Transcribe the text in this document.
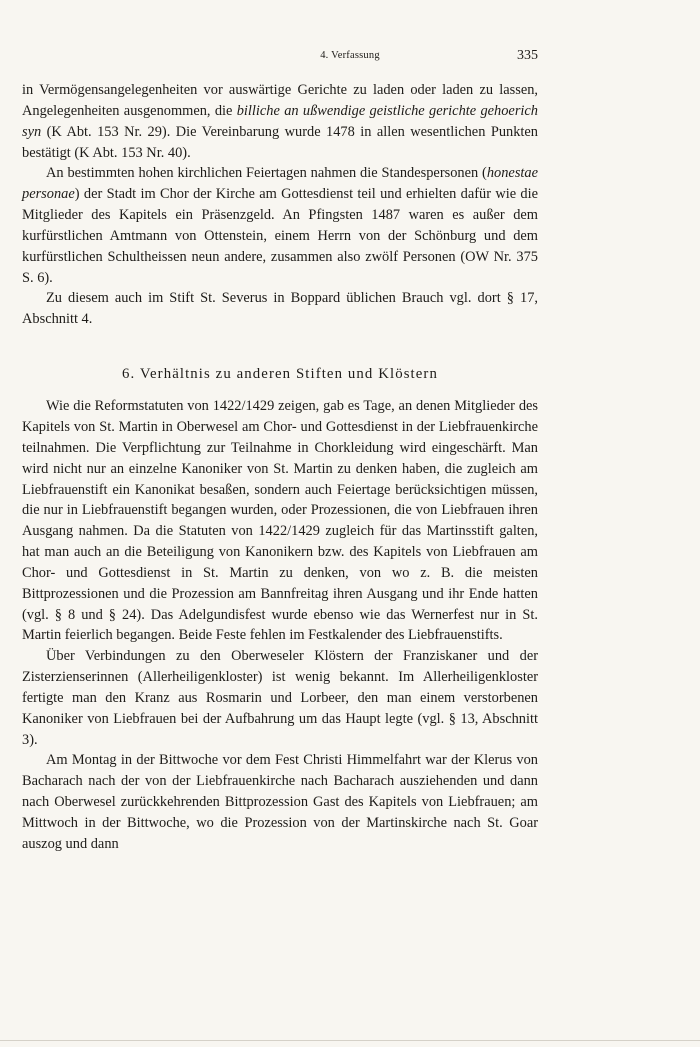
4. Verfassung	335

in Vermögensangelegenheiten vor auswärtige Gerichte zu laden oder laden zu lassen, Angelegenheiten ausgenommen, die billiche an ußwendige geistliche gerichte gehoerich syn (K Abt. 153 Nr. 29). Die Vereinbarung wurde 1478 in allen wesentlichen Punkten bestätigt (K Abt. 153 Nr. 40).

An bestimmten hohen kirchlichen Feiertagen nahmen die Standespersonen (honestae personae) der Stadt im Chor der Kirche am Gottesdienst teil und erhielten dafür wie die Mitglieder des Kapitels ein Präsenzgeld. An Pfingsten 1487 waren es außer dem kurfürstlichen Amtmann von Ottenstein, einem Herrn von der Schönburg und dem kurfürstlichen Schultheissen neun andere, zusammen also zwölf Personen (OW Nr. 375 S. 6).

Zu diesem auch im Stift St. Severus in Boppard üblichen Brauch vgl. dort § 17, Abschnitt 4.

6. Verhältnis zu anderen Stiften und Klöstern

Wie die Reformstatuten von 1422/1429 zeigen, gab es Tage, an denen Mitglieder des Kapitels von St. Martin in Oberwesel am Chor- und Gottesdienst in der Liebfrauenkirche teilnahmen. Die Verpflichtung zur Teilnahme in Chorkleidung wird eingeschärft. Man wird nicht nur an einzelne Kanoniker von St. Martin zu denken haben, die zugleich am Liebfrauenstift ein Kanonikat besaßen, sondern auch Feiertage berücksichtigen müssen, die nur in Liebfrauenstift begangen wurden, oder Prozessionen, die von Liebfrauen ihren Ausgang nahmen. Da die Statuten von 1422/1429 zugleich für das Martinsstift galten, hat man auch an die Beteiligung von Kanonikern bzw. des Kapitels von Liebfrauen am Chor- und Gottesdienst in St. Martin zu denken, von wo z. B. die meisten Bittprozessionen und die Prozession am Bannfreitag ihren Ausgang und ihr Ende hatten (vgl. § 8 und § 24). Das Adelgundisfest wurde ebenso wie das Wernerfest nur in St. Martin feierlich begangen. Beide Feste fehlen im Festkalender des Liebfrauenstifts.

Über Verbindungen zu den Oberweseler Klöstern der Franziskaner und der Zisterzienserinnen (Allerheiligenkloster) ist wenig bekannt. Im Allerheiligenkloster fertigte man den Kranz aus Rosmarin und Lorbeer, den man einem verstorbenen Kanoniker von Liebfrauen bei der Aufbahrung um das Haupt legte (vgl. § 13, Abschnitt 3).

Am Montag in der Bittwoche vor dem Fest Christi Himmelfahrt war der Klerus von Bacharach nach der von der Liebfrauenkirche nach Bacharach ausziehenden und dann nach Oberwesel zurückkehrenden Bittprozession Gast des Kapitels von Liebfrauen; am Mittwoch in der Bittwoche, wo die Prozession von der Martinskirche nach St. Goar auszog und dann
